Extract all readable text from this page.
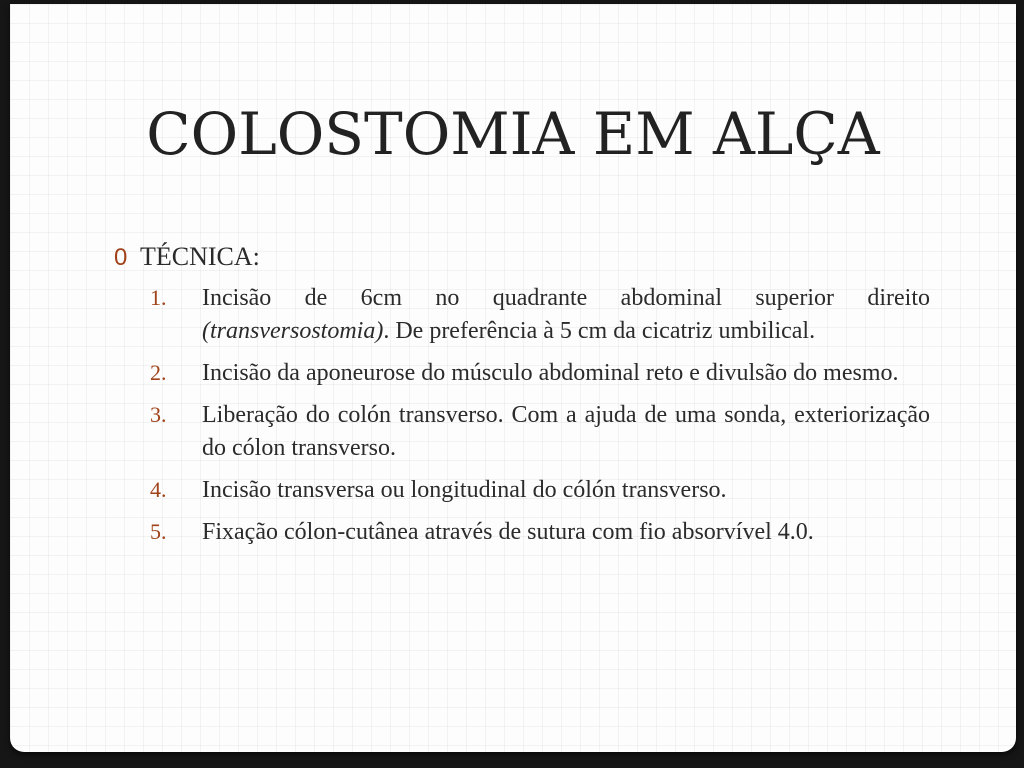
COLOSTOMIA EM ALÇA
0 TÉCNICA:
1.	Incisão de 6cm no quadrante abdominal superior direito (transversostomia). De preferência à 5 cm da cicatriz umbilical.
2.	Incisão da aponeurose do músculo abdominal reto e divulsão do mesmo.
3.	Liberação do colón transverso. Com a ajuda de uma sonda, exteriorização do cólon transverso.
4.	Incisão transversa ou longitudinal do cólón transverso.
5.	Fixação cólon-cutânea através de sutura com fio absorvível 4.0.
